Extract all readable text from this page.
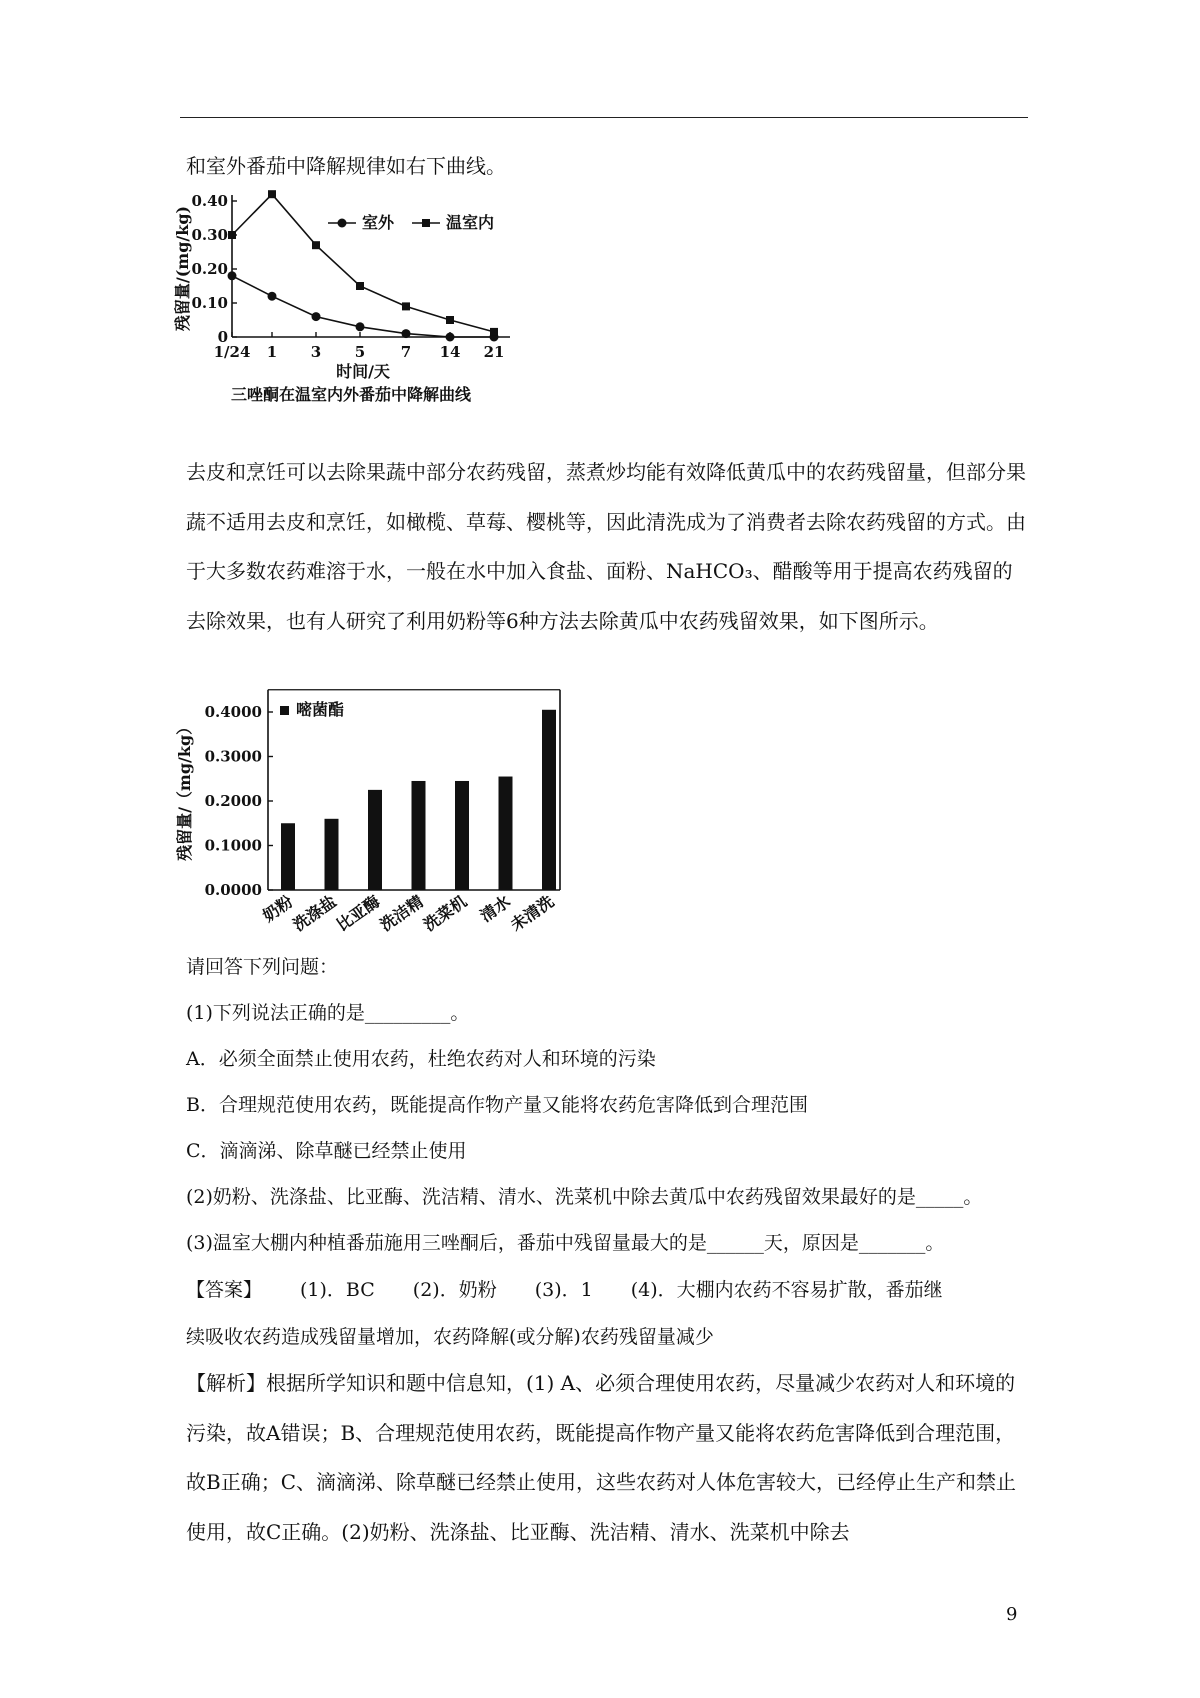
和室外番茄中降解规律如右下曲线。
0
0.10
0.20
0.30
0.40
1/24 1 3 5 7 14 21
残留量/(mg/kg)
时间/天
三唑酮在温室内外番茄中降解曲线
室外	温室内

去皮和烹饪可以去除果蔬中部分农药残留，蒸煮炒均能有效降低黄瓜中的农药残留量，但部分果蔬不适用去皮和烹饪，如橄榄、草莓、樱桃等，因此清洗成为了消费者去除农药残留的方式。由于大多数农药难溶于水，一般在水中加入食盐、面粉、NaHCO₃、醋酸等用于提高农药残留的去除效果，也有人研究了利用奶粉等6种方法去除黄瓜中农药残留效果，如下图所示。

0.0000
0.1000
0.2000
0.3000
0.4000
残留量/（mg/kg）
奶粉
洗涤盐
比亚酶
洗洁精
洗菜机 清水
未清洗
嘧菌酯
请回答下列问题：
(1)下列说法正确的是_________。
A．必须全面禁止使用农药，杜绝农药对人和环境的污染
B．合理规范使用农药，既能提高作物产量又能将农药危害降低到合理范围
C．滴滴涕、除草醚已经禁止使用
(2)奶粉、洗涤盐、比亚酶、洗洁精、清水、洗菜机中除去黄瓜中农药残留效果最好的是_____。
(3)温室大棚内种植番茄施用三唑酮后，番茄中残留量最大的是______天，原因是_______。
【答案】 (1)．BC (2)．奶粉 (3)．1 (4)．大棚内农药不容易扩散，番茄继
续吸收农药造成残留量增加，农药降解(或分解)农药残留量减少

【解析】根据所学知识和题中信息知，(1) A、必须合理使用农药，尽量减少农药对人和环境的污染，故A错误；B、合理规范使用农药，既能提高作物产量又能将农药危害降低到合理范围，故B正确；C、滴滴涕、除草醚已经禁止使用，这些农药对人体危害较大，已经停止生产和禁止使用，故C正确。(2)奶粉、洗涤盐、比亚酶、洗洁精、清水、洗菜机中除去

9
